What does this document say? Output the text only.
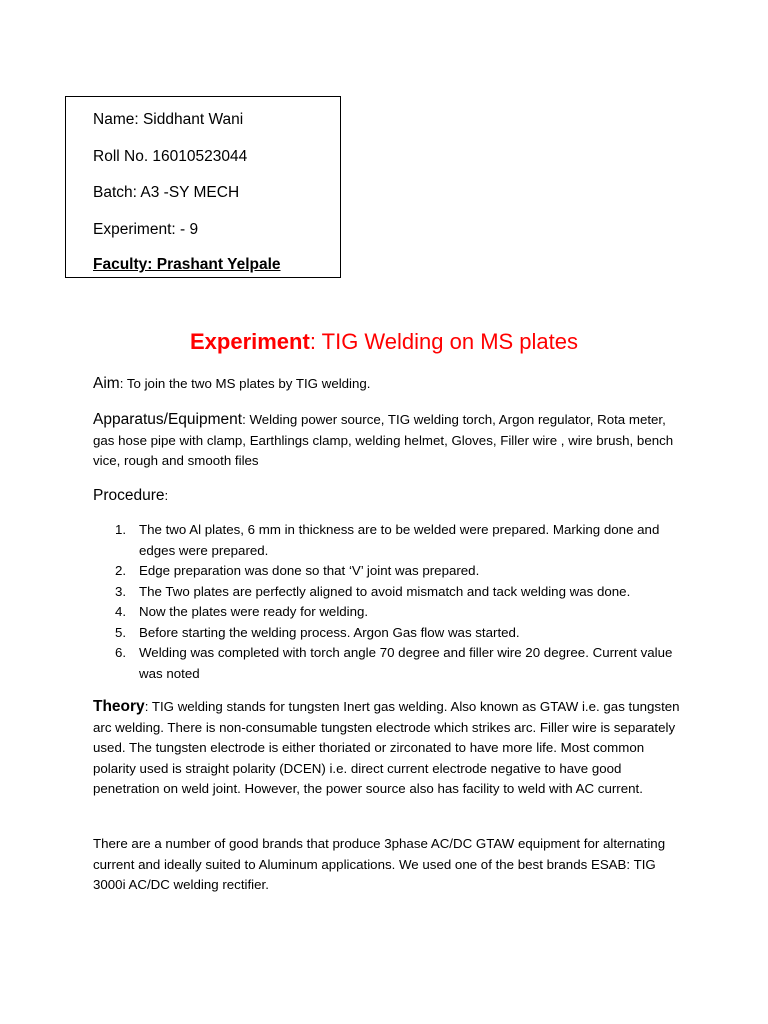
Name: Siddhant Wani
Roll No. 16010523044
Batch: A3 -SY MECH
Experiment: - 9
Faculty: Prashant Yelpale
Experiment: TIG Welding on MS plates
Aim: To join the two MS plates by TIG welding.
Apparatus/Equipment: Welding power source, TIG welding torch, Argon regulator, Rota meter, gas hose pipe with clamp, Earthlings clamp, welding helmet, Gloves, Filler wire , wire brush, bench vice, rough and smooth files
Procedure:
1. The two Al plates, 6 mm in thickness are to be welded were prepared. Marking done and edges were prepared.
2. Edge preparation was done so that ‘V’ joint was prepared.
3. The Two plates are perfectly aligned to avoid mismatch and tack welding was done.
4. Now the plates were ready for welding.
5. Before starting the welding process. Argon Gas flow was started.
6. Welding was completed with torch angle 70 degree and filler wire 20 degree. Current value was noted
Theory: TIG welding stands for tungsten Inert gas welding. Also known as GTAW i.e. gas tungsten arc welding. There is non-consumable tungsten electrode which strikes arc. Filler wire is separately used. The tungsten electrode is either thoriated or zirconated to have more life. Most common polarity used is straight polarity (DCEN) i.e. direct current electrode negative to have good penetration on weld joint. However, the power source also has facility to weld with AC current.
There are a number of good brands that produce 3phase AC/DC GTAW equipment for alternating current and ideally suited to Aluminum applications. We used one of the best brands ESAB: TIG 3000i AC/DC welding rectifier.
